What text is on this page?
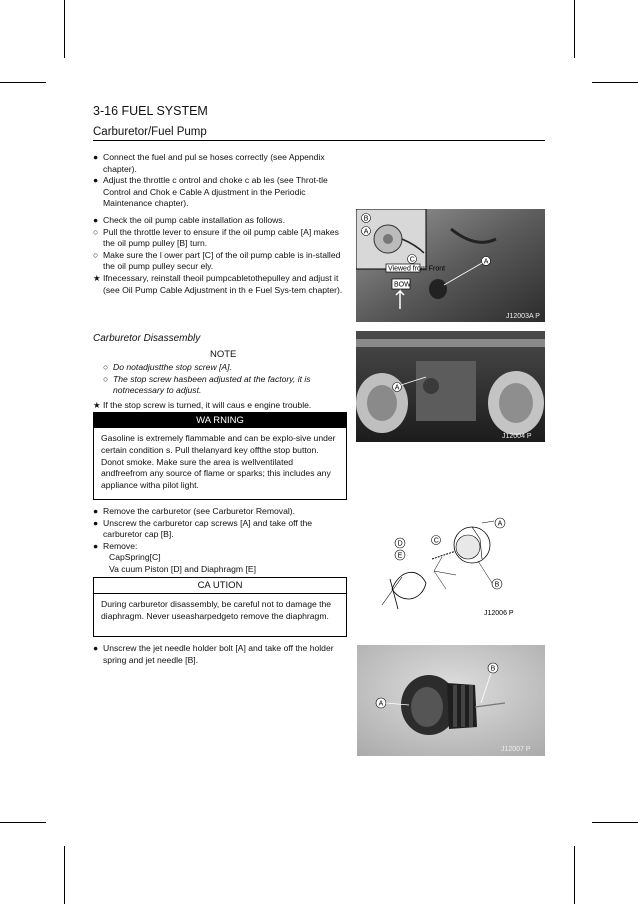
3-16 FUEL SYSTEM
Carburetor/Fuel Pump
● Connect the fuel and pul se hoses correctly (see Appendix chapter).
● Adjust the throttle c ontrol and choke c ab les (see Throt-tle Control and Chok e Cable A djustment in the Periodic Maintenance chapter).
● Check the oil pump cable installation as follows.
○ Pull the throttle lever to ensure if the oil pump cable [A] makes the oil pump pulley [B] turn.
○ Make sure the l ower part [C] of the oil pump cable is in-stalled the oil pump pulley secur ely.
★ Ifnecessary, reinstall theoil pumpcabletothepulley and adjust it (see Oil Pump Cable Adjustment in th e Fuel Sys-tem chapter).
Carburetor Disassembly
NOTE
○ Do notadjustthe stop screw [A].
○ The stop screw hasbeen adjusted at the factory, it is notnecessary to adjust.
★ If the stop screw is turned, it will caus e engine trouble.
WA RNING
Gasoline is extremely flammable and can be explo-sive under certain condition s. Pull thelanyard key offthe stop button. Donot smoke. Make sure the area is wellventilated andfreefrom any source of flame or sparks; this includes any appliance witha pilot light.
● Remove the carburetor (see Carburetor Removal).
● Unscrew the carburetor cap screws [A] and take off the carburetor cap [B].
● Remove:
CapSpring[C]
Va cuum Piston [D] and Diaphragm [E]
CA UTION
During carburetor disassembly, be careful not to damage the diaphragm. Never useasharpedgeto remove the diaphragm.
● Unscrew the jet needle holder bolt [A] and take off the holder spring and jet needle [B].
Viewed from Front
BOW
B
A
C	A
J12003A P
A
J12004 P
A
B
C
D
E
J12006 P
A
B
J12007 P
